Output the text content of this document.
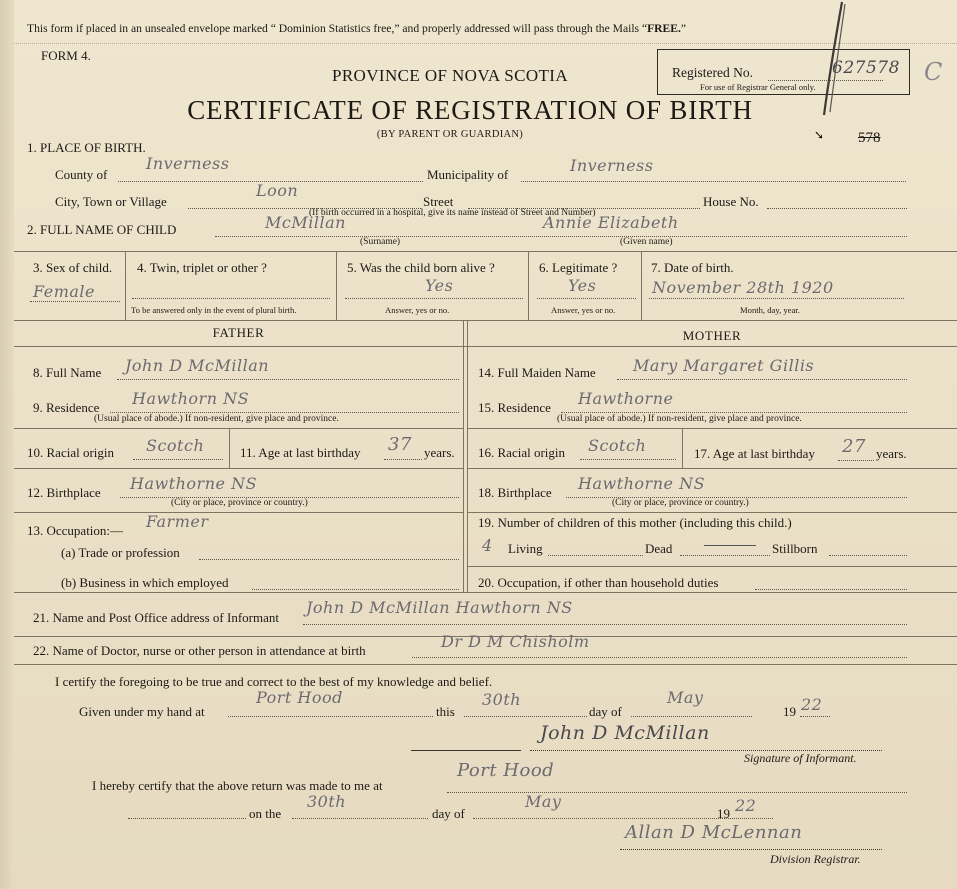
This form if placed in an unsealed envelope marked “ Dominion Statistics free,” and properly addressed will pass through the Mails “FREE.”
FORM 4.
PROVINCE OF NOVA SCOTIA
CERTIFICATE OF REGISTRATION OF BIRTH
(BY PARENT OR GUARDIAN)
Registered No.	627578
For use of Registrar General only.
C
578
➘
1. PLACE OF BIRTH.
County of
Inverness
Municipality of	Inverness
City, Town or Village
Loon
Street	House No.
(If birth occurred in a hospital, give its name instead of Street and Number)
2. FULL NAME OF CHILD	McMillan	Annie Elizabeth
(Surname)	(Given name)
3. Sex of child.
Female
4. Twin, triplet or other ?
To be answered only in the event of plural birth.
5. Was the child born alive ?
Yes
Answer, yes or no.
6. Legitimate ?
Yes
Answer, yes or no.
7. Date of birth.
November 28th 1920
Month, day, year.
FATHER	MOTHER
8. Full Name John D McMillan
9. Residence Hawthorn NS
(Usual place of abode.) If non-resident, give place and province.
10. Racial origin Scotch	11. Age at last birthday 37 years.
12. Birthplace Hawthorne NS
(City or place, province or country.)
13. Occupation:— Farmer
(a) Trade or profession
(b) Business in which employed
14. Full Maiden Name Mary Margaret Gillis
15. Residence Hawthorne
(Usual place of abode.) If non-resident, give place and province.
16. Racial origin Scotch	17. Age at last birthday 27 years.
18. Birthplace Hawthorne NS
(City or place, province or country.)
19. Number of children of this mother (including this child.)
4 Living	Dead	Stillborn
20. Occupation, if other than household duties
21. Name and Post Office address of Informant
John D McMillan Hawthorn NS
22. Name of Doctor, nurse or other person in attendance at birth	Dr D M Chisholm
I certify the foregoing to be true and correct to the best of my knowledge and belief.
Given under my hand at
Port Hood
this
30th
day of
May
19 22
John D McMillan
Signature of Informant.
I hereby certify that the above return was made to me at
Port Hood
on the
30th
day of
May
19 22
Allan D McLennan
Division Registrar.
